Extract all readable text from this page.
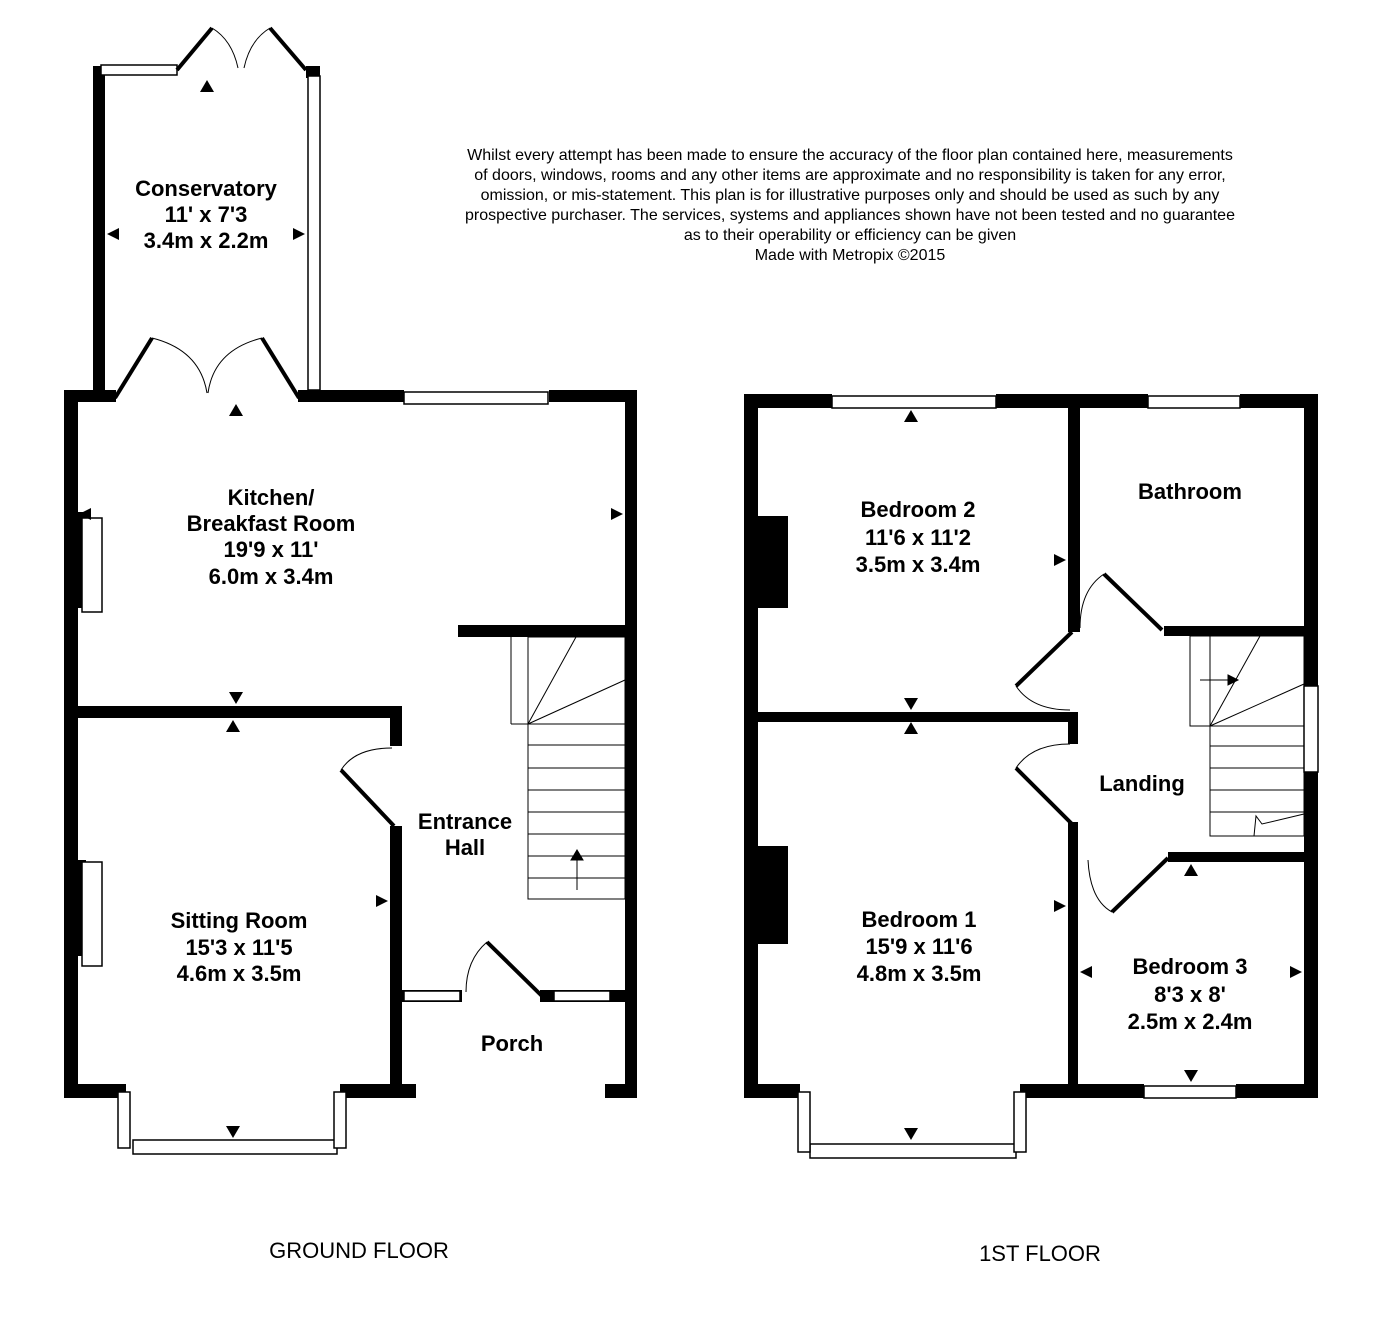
Whilst every attempt has been made to ensure the accuracy of the floor plan contained here, measurements
of doors, windows, rooms and any other items are approximate and no responsibility is taken for any error,
omission, or mis-statement. This plan is for illustrative purposes only and should be used as such by any
prospective purchaser. The services, systems and appliances shown have not been tested and no guarantee
as to their operability or efficiency can be given
Made with Metropix ©2015
Conservatory
11' x 7'3
3.4m x 2.2m
Kitchen/
Breakfast Room
19'9 x 11'
6.0m x 3.4m
Sitting Room
15'3 x 11'5
4.6m x 3.5m
Entrance
Hall
Porch
GROUND FLOOR
Bedroom 2
11'6 x 11'2
3.5m x 3.4m
Bathroom
Landing
Bedroom 1
15'9 x 11'6
4.8m x 3.5m	Bedroom 3
8'3 x 8'
2.5m x 2.4m
1ST FLOOR
